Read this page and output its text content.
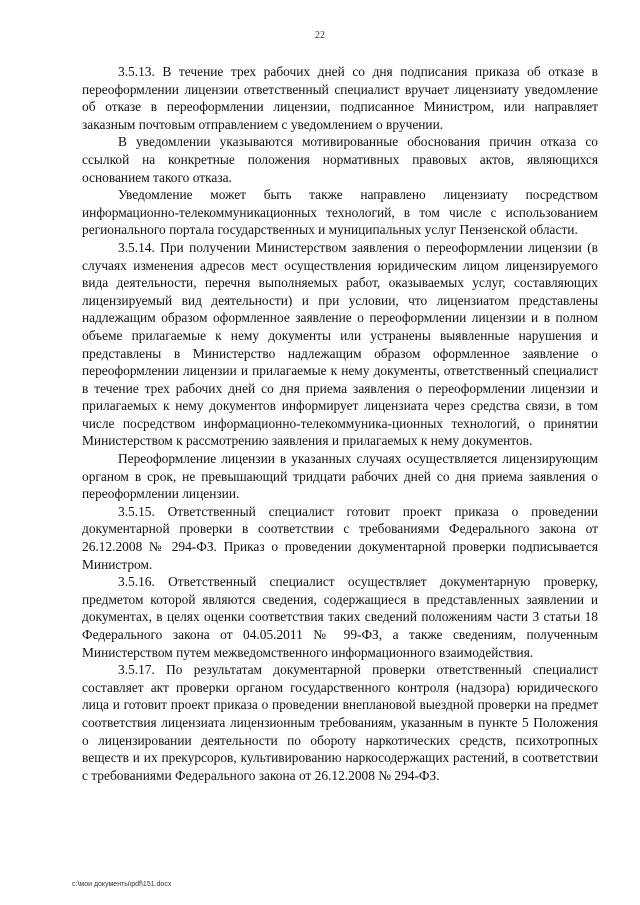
22

3.5.13. В течение трех рабочих дней со дня подписания приказа об отказе в переоформлении лицензии ответственный специалист вручает лицензиату уведомление об отказе в переоформлении лицензии, подписанное Министром, или направляет заказным почтовым отправлением с уведомлением о вручении.

В уведомлении указываются мотивированные обоснования причин отказа со ссылкой на конкретные положения нормативных правовых актов, являющихся основанием такого отказа.

Уведомление может быть также направлено лицензиату посредством информационно-телекоммуникационных технологий, в том числе с использованием регионального портала государственных и муниципальных услуг Пензенской области.

3.5.14. При получении Министерством заявления о переоформлении лицензии (в случаях изменения адресов мест осуществления юридическим лицом лицензируемого вида деятельности, перечня выполняемых работ, оказываемых услуг, составляющих лицензируемый вид деятельности) и при условии, что лицензиатом представлены надлежащим образом оформленное заявление о переоформлении лицензии и в полном объеме прилагаемые к нему документы или устранены выявленные нарушения и представлены в Министерство надлежащим образом оформленное заявление о переоформлении лицензии и прилагаемые к нему документы, ответственный специалист в течение трех рабочих дней со дня приема заявления о переоформлении лицензии и прилагаемых к нему документов информирует лицензиата через средства связи, в том числе посредством информационно-телекоммуника-ционных технологий, о принятии Министерством к рассмотрению заявления и прилагаемых к нему документов.

Переоформление лицензии в указанных случаях осуществляется лицензирующим органом в срок, не превышающий тридцати рабочих дней со дня приема заявления о переоформлении лицензии.

3.5.15. Ответственный специалист готовит проект приказа о проведении документарной проверки в соответствии с требованиями Федерального закона от 26.12.2008 № 294-ФЗ. Приказ о проведении документарной проверки подписывается Министром.

3.5.16. Ответственный специалист осуществляет документарную проверку, предметом которой являются сведения, содержащиеся в представленных заявлении и документах, в целях оценки соответствия таких сведений положениям части 3 статьи 18 Федерального закона от 04.05.2011 № 99-ФЗ, а также сведениям, полученным Министерством путем межведомственного информационного взаимодействия.

3.5.17. По результатам документарной проверки ответственный специалист составляет акт проверки органом государственного контроля (надзора) юридического лица и готовит проект приказа о проведении внеплановой выездной проверки на предмет соответствия лицензиата лицензионным требованиям, указанным в пункте 5 Положения о лицензировании деятельности по обороту наркотических средств, психотропных веществ и их прекурсоров, культивированию наркосодержащих растений, в соответствии с требованиями Федерального закона от 26.12.2008 № 294-ФЗ.

c:\мои документы\pdf\151.docx
